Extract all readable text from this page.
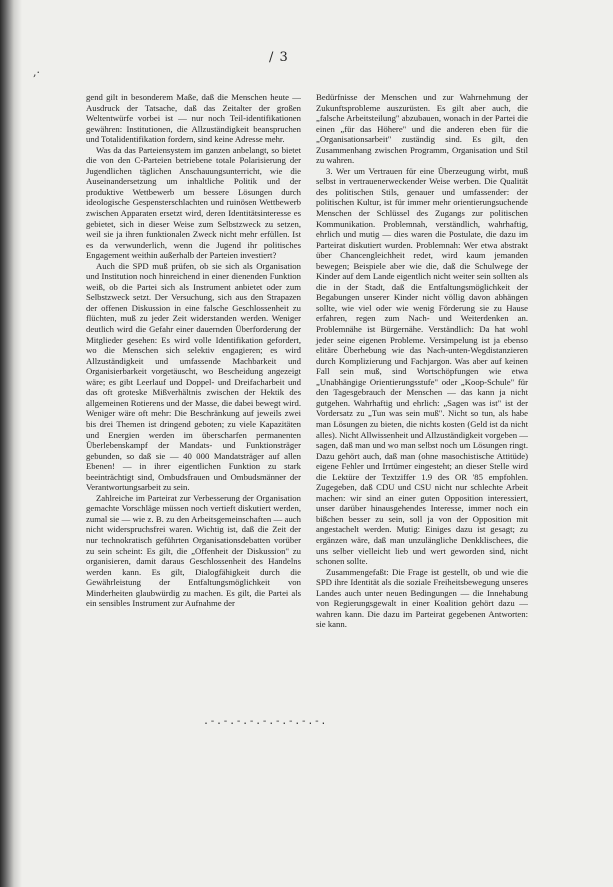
,·
/ 3

gend gilt in besonderem Maße, daß die Menschen heute — Ausdruck der Tatsache, daß das Zeitalter der großen Weltentwürfe vorbei ist — nur noch Teil-identifikationen gewähren: Institutionen, die Allzuständigkeit beanspruchen und Totalidentifikation fordern, sind keine Adresse mehr.

Was da das Parteiensystem im ganzen anbelangt, so bietet die von den C-Parteien betriebene totale Polarisierung der Jugendlichen täglichen Anschauungsunterricht, wie die Auseinandersetzung um inhaltliche Politik und der produktive Wettbewerb um bessere Lösungen durch ideologische Gespensterschlachten und ruinösen Wettbewerb zwischen Apparaten ersetzt wird, deren Identitätsinteresse es gebietet, sich in dieser Weise zum Selbstzweck zu setzen, weil sie ja ihren funktionalen Zweck nicht mehr erfüllen. Ist es da verwunderlich, wenn die Jugend ihr politisches Engagement weithin außerhalb der Parteien investiert?

Auch die SPD muß prüfen, ob sie sich als Organisation und Institution noch hinreichend in einer dienenden Funktion weiß, ob die Partei sich als Instrument anbietet oder zum Selbstzweck setzt. Der Versuchung, sich aus den Strapazen der offenen Diskussion in eine falsche Geschlossenheit zu flüchten, muß zu jeder Zeit widerstanden werden. Weniger deutlich wird die Gefahr einer dauernden Überforderung der Mitglieder gesehen: Es wird volle Identifikation gefordert, wo die Menschen sich selektiv engagieren; es wird Allzuständigkeit und umfassende Machbarkeit und Organisierbarkeit vorgetäuscht, wo Bescheidung angezeigt wäre; es gibt Leerlauf und Doppel- und Dreifacharbeit und das oft groteske Mißverhältnis zwischen der Hektik des allgemeinen Rotierens und der Masse, die dabei bewegt wird. Weniger wäre oft mehr: Die Beschränkung auf jeweils zwei bis drei Themen ist dringend geboten; zu viele Kapazitäten und Energien werden im überscharfen permanenten Überlebenskampf der Mandats- und Funktionsträger gebunden, so daß sie — 40 000 Mandatsträger auf allen Ebenen! — in ihrer eigentlichen Funktion zu stark beeinträchtigt sind, Ombudsfrauen und Ombudsmänner der Verantwortungsarbeit zu sein.

Zahlreiche im Parteirat zur Verbesserung der Organisation gemachte Vorschläge müssen noch vertieft diskutiert werden, zumal sie — wie z. B. zu den Arbeitsgemeinschaften — auch nicht widerspruchsfrei waren. Wichtig ist, daß die Zeit der nur technokratisch geführten Organisationsdebatten vorüber zu sein scheint: Es gilt, die „Offenheit der Diskussion" zu organisieren, damit daraus Geschlossenheit des Handelns werden kann. Es gilt, Dialogfähigkeit durch die Gewährleistung der Entfaltungsmöglichkeit von Minderheiten glaubwürdig zu machen. Es gilt, die Partei als ein sensibles Instrument zur Aufnahme der

Bedürfnisse der Menschen und zur Wahrnehmung der Zukunftsprobleme auszurüsten. Es gilt aber auch, die „falsche Arbeitsteilung" abzubauen, wonach in der Partei die einen „für das Höhere" und die anderen eben für die „Organisationsarbeit" zuständig sind. Es gilt, den Zusammenhang zwischen Programm, Organisation und Stil zu wahren.

3. Wer um Vertrauen für eine Überzeugung wirbt, muß selbst in vertrauenerweckender Weise werben. Die Qualität des politischen Stils, genauer und umfassender: der politischen Kultur, ist für immer mehr orientierungsuchende Menschen der Schlüssel des Zugangs zur politischen Kommunikation. Problemnah, verständlich, wahrhaftig, ehrlich und mutig — dies waren die Postulate, die dazu im Parteirat diskutiert wurden. Problemnah: Wer etwa abstrakt über Chancengleichheit redet, wird kaum jemanden bewegen; Beispiele aber wie die, daß die Schulwege der Kinder auf dem Lande eigentlich nicht weiter sein sollten als die in der Stadt, daß die Entfaltungsmöglichkeit der Begabungen unserer Kinder nicht völlig davon abhängen sollte, wie viel oder wie wenig Förderung sie zu Hause erfahren, regen zum Nach- und Weiterdenken an. Problemnähe ist Bürgernähe. Verständlich: Da hat wohl jeder seine eigenen Probleme. Versimpelung ist ja ebenso elitäre Überhebung wie das Nach-unten-Wegdistanzieren durch Komplizierung und Fachjargon. Was aber auf keinen Fall sein muß, sind Wortschöpfungen wie etwa „Unabhängige Orientierungsstufe" oder „Koop-Schule" für den Tagesgebrauch der Menschen — das kann ja nicht gutgehen. Wahrhaftig und ehrlich: „Sagen was ist" ist der Vordersatz zu „Tun was sein muß". Nicht so tun, als habe man Lösungen zu bieten, die nichts kosten (Geld ist da nicht alles). Nicht Allwissenheit und Allzuständigkeit vorgeben — sagen, daß man und wo man selbst noch um Lösungen ringt. Dazu gehört auch, daß man (ohne masochistische Attitüde) eigene Fehler und Irrtümer eingesteht; an dieser Stelle wird die Lektüre der Textziffer 1.9 des OR '85 empfohlen. Zugegeben, daß CDU und CSU nicht nur schlechte Arbeit machen: wir sind an einer guten Opposition interessiert, unser darüber hinausgehendes Interesse, immer noch ein bißchen besser zu sein, soll ja von der Opposition mit angestachelt werden. Mutig: Einiges dazu ist gesagt; zu ergänzen wäre, daß man unzulängliche Denkklischees, die uns selber vielleicht lieb und wert geworden sind, nicht schonen sollte.

Zusammengefaßt: Die Frage ist gestellt, ob und wie die SPD ihre Identität als die soziale Freiheitsbewegung unseres Landes auch unter neuen Bedingungen — die Innehabung von Regierungsgewalt in einer Koalition gehört dazu — wahren kann. Die dazu im Parteirat gegebenen Antworten: sie kann.

.-.-.-.-.-.-.-.-.-.
